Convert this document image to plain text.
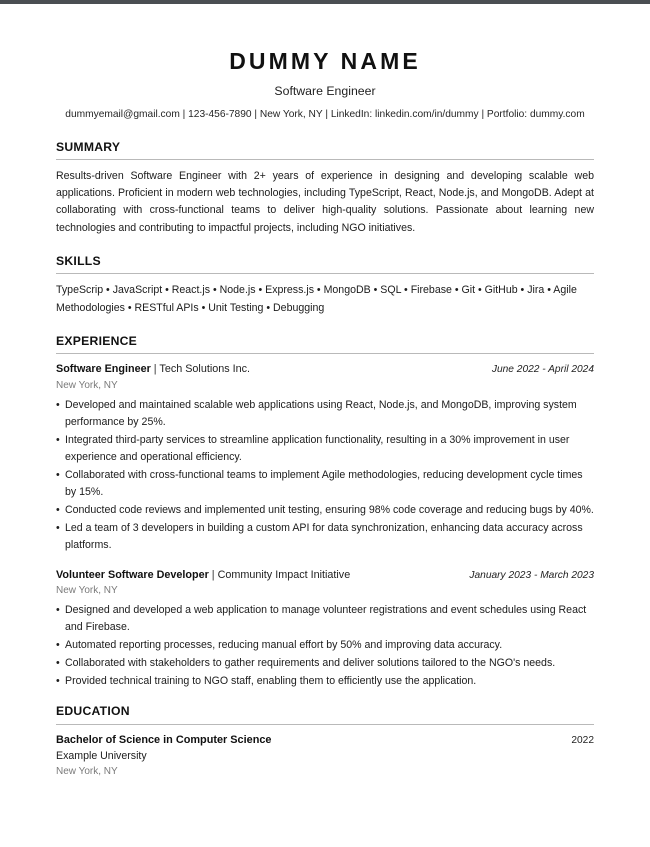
DUMMY NAME
Software Engineer
dummyemail@gmail.com | 123-456-7890 | New York, NY | LinkedIn: linkedin.com/in/dummy | Portfolio: dummy.com
SUMMARY

Results-driven Software Engineer with 2+ years of experience in designing and developing scalable web applications. Proficient in modern web technologies, including TypeScript, React, Node.js, and MongoDB. Adept at collaborating with cross-functional teams to deliver high-quality solutions. Passionate about learning new technologies and contributing to impactful projects, including NGO initiatives.

SKILLS

TypeScrip • JavaScript • React.js • Node.js • Express.js • MongoDB • SQL • Firebase • Git • GitHub • Jira • Agile Methodologies • RESTful APIs • Unit Testing • Debugging

EXPERIENCE
Software Engineer | Tech Solutions Inc.	June 2022 - April 2024
New York, NY
• Developed and maintained scalable web applications using React, Node.js, and MongoDB, improving system performance by 25%.
• Integrated third-party services to streamline application functionality, resulting in a 30% improvement in user experience and operational efficiency.
• Collaborated with cross-functional teams to implement Agile methodologies, reducing development cycle times by 15%.
• Conducted code reviews and implemented unit testing, ensuring 98% code coverage and reducing bugs by 40%.
• Led a team of 3 developers in building a custom API for data synchronization, enhancing data accuracy across platforms.
Volunteer Software Developer | Community Impact Initiative	January 2023 - March 2023
New York, NY
• Designed and developed a web application to manage volunteer registrations and event schedules using React and Firebase.
• Automated reporting processes, reducing manual effort by 50% and improving data accuracy.
• Collaborated with stakeholders to gather requirements and deliver solutions tailored to the NGO's needs.
• Provided technical training to NGO staff, enabling them to efficiently use the application.
EDUCATION
Bachelor of Science in Computer Science	2022
Example University
New York, NY
